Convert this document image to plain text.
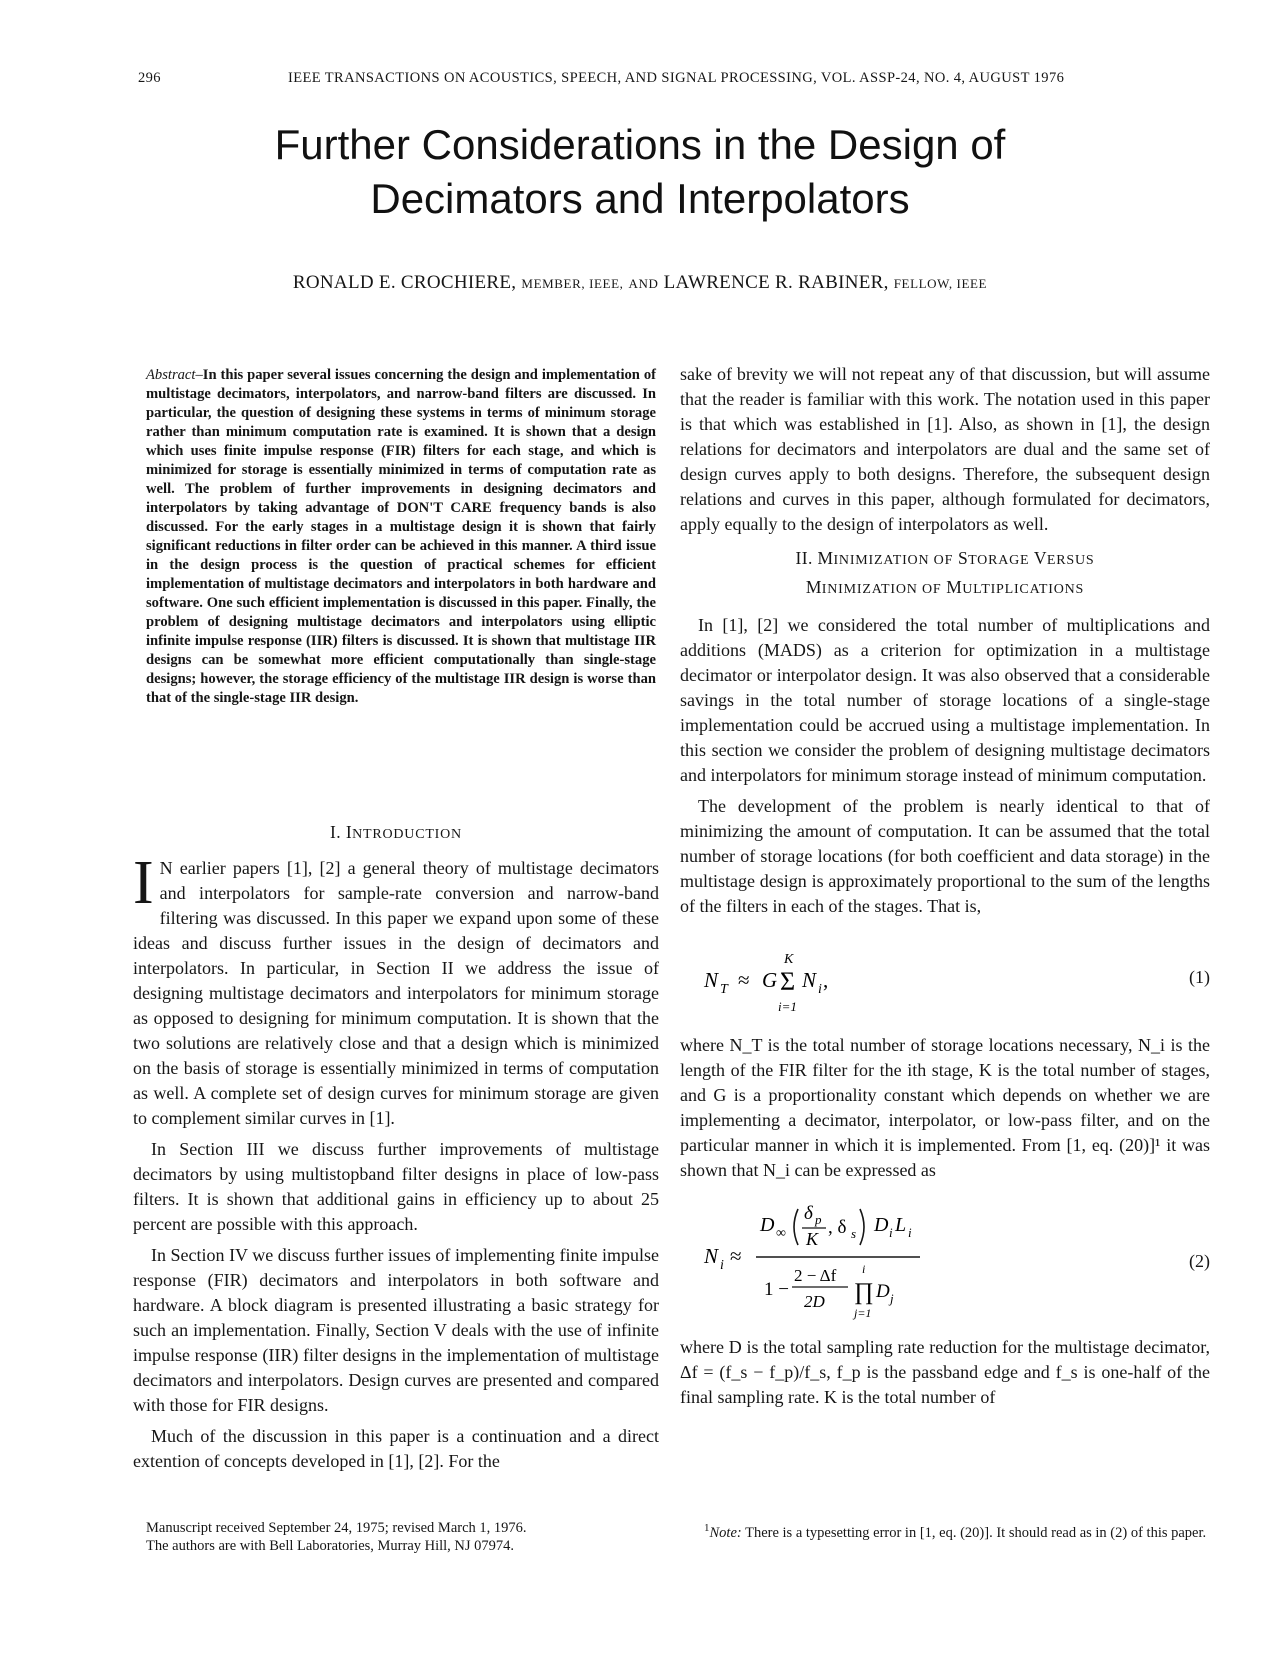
296	IEEE TRANSACTIONS ON ACOUSTICS, SPEECH, AND SIGNAL PROCESSING, VOL. ASSP-24, NO. 4, AUGUST 1976
Further Considerations in the Design of
Decimators and Interpolators
RONALD E. CROCHIERE, MEMBER, IEEE, AND LAWRENCE R. RABINER, FELLOW, IEEE
Abstract–In this paper several issues concerning the design and implementation of multistage decimators, interpolators, and narrow-band filters are discussed. In particular, the question of designing these systems in terms of minimum storage rather than minimum computation rate is examined. It is shown that a design which uses finite impulse response (FIR) filters for each stage, and which is minimized for storage is essentially minimized in terms of computation rate as well. The problem of further improvements in designing decimators and interpolators by taking advantage of DON'T CARE frequency bands is also discussed. For the early stages in a multistage design it is shown that fairly significant reductions in filter order can be achieved in this manner. A third issue in the design process is the question of practical schemes for efficient implementation of multistage decimators and interpolators in both hardware and software. One such efficient implementation is discussed in this paper. Finally, the problem of designing multistage decimators and interpolators using elliptic infinite impulse response (IIR) filters is discussed. It is shown that multistage IIR designs can be somewhat more efficient computationally than single-stage designs; however, the storage efficiency of the multistage IIR design is worse than that of the single-stage IIR design.
I. INTRODUCTION

I N earlier papers [1], [2] a general theory of multistage decimators and interpolators for sample-rate conversion and narrow-band filtering was discussed. In this paper we expand upon some of these ideas and discuss further issues in the design of decimators and interpolators. In particular, in Section II we address the issue of designing multistage decimators and interpolators for minimum storage as opposed to designing for minimum computation. It is shown that the two solutions are relatively close and that a design which is minimized on the basis of storage is essentially minimized in terms of computation as well. A complete set of design curves for minimum storage are given to complement similar curves in [1].

In Section III we discuss further improvements of multistage decimators by using multistopband filter designs in place of low-pass filters. It is shown that additional gains in efficiency up to about 25 percent are possible with this approach.

In Section IV we discuss further issues of implementing finite impulse response (FIR) decimators and interpolators in both software and hardware. A block diagram is presented illustrating a basic strategy for such an implementation. Finally, Section V deals with the use of infinite impulse response (IIR) filter designs in the implementation of multistage decimators and interpolators. Design curves are presented and compared with those for FIR designs.

Much of the discussion in this paper is a continuation and a direct extention of concepts developed in [1], [2]. For the

sake of brevity we will not repeat any of that discussion, but will assume that the reader is familiar with this work. The notation used in this paper is that which was established in [1]. Also, as shown in [1], the design relations for decimators and interpolators are dual and the same set of design curves apply to both designs. Therefore, the subsequent design relations and curves in this paper, although formulated for decimators, apply equally to the design of interpolators as well.

II. MINIMIZATION OF STORAGE VERSUS
MINIMIZATION OF MULTIPLICATIONS

In [1], [2] we considered the total number of multiplications and additions (MADS) as a criterion for optimization in a multistage decimator or interpolator design. It was also observed that a considerable savings in the total number of storage locations of a single-stage implementation could be accrued using a multistage implementation. In this section we consider the problem of designing multistage decimators and interpolators for minimum storage instead of minimum computation.

The development of the problem is nearly identical to that of minimizing the amount of computation. It can be assumed that the total number of storage locations (for both coefficient and data storage) in the multistage design is approximately proportional to the sum of the lengths of the filters in each of the stages. That is,

N T ≈ G
K
Σ
i=1
N i ,	(1)

where N_T is the total number of storage locations necessary, N_i is the length of the FIR filter for the ith stage, K is the total number of stages, and G is a proportionality constant which depends on whether we are implementing a decimator, interpolator, or low-pass filter, and on the particular manner in which it is implemented. From [1, eq. (20)]¹ it was shown that N_i can be expressed as

N i ≈
D ∞
δ p
K
, δ s D i L i
1 −
2 − Δf
2D
i
∏
j=1
D j
(2)

where D is the total sampling rate reduction for the multistage decimator, Δf = (f_s − f_p)/f_s, f_p is the passband edge and f_s is one-half of the final sampling rate. K is the total number of

Manuscript received September 24, 1975; revised March 1, 1976.
The authors are with Bell Laboratories, Murray Hill, NJ 07974.
$^1$Note: There is a typesetting error in [1, eq. (20)]. It should read as in (2) of this paper.
